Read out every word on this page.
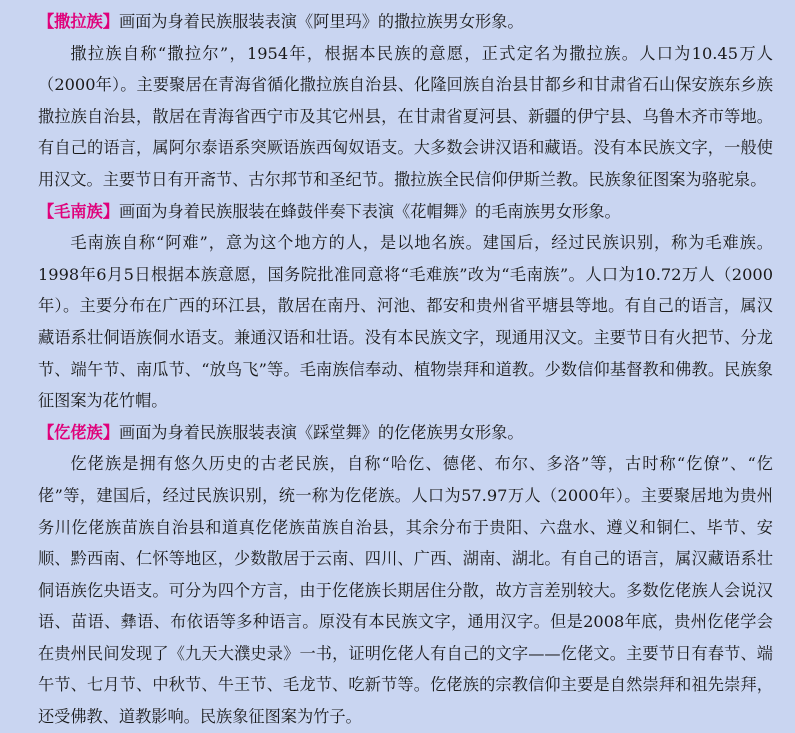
【撒拉族】画面为身着民族服装表演《阿里玛》的撒拉族男女形象。

撒拉族自称“撒拉尔”，1954年，根据本民族的意愿，正式定名为撒拉族。人口为10.45万人（2000年）。主要聚居在青海省循化撒拉族自治县、化隆回族自治县甘都乡和甘肃省石山保安族东乡族撒拉族自治县，散居在青海省西宁市及其它州县，在甘肃省夏河县、新疆的伊宁县、乌鲁木齐市等地。有自己的语言，属阿尔泰语系突厥语族西匈奴语支。大多数会讲汉语和藏语。没有本民族文字，一般使用汉文。主要节日有开斋节、古尔邦节和圣纪节。撒拉族全民信仰伊斯兰教。民族象征图案为骆驼泉。

【毛南族】画面为身着民族服装在蜂鼓伴奏下表演《花帽舞》的毛南族男女形象。

毛南族自称“阿难”，意为这个地方的人，是以地名族。建国后，经过民族识别，称为毛难族。1998年6月5日根据本族意愿，国务院批准同意将“毛难族”改为“毛南族”。人口为10.72万人（2000年）。主要分布在广西的环江县，散居在南丹、河池、都安和贵州省平塘县等地。有自己的语言，属汉藏语系壮侗语族侗水语支。兼通汉语和壮语。没有本民族文字，现通用汉文。主要节日有火把节、分龙节、端午节、南瓜节、“放鸟飞”等。毛南族信奉动、植物崇拜和道教。少数信仰基督教和佛教。民族象征图案为花竹帽。

【仡佬族】画面为身着民族服装表演《踩堂舞》的仡佬族男女形象。

仡佬族是拥有悠久历史的古老民族，自称“哈仡、德佬、布尔、多洛”等，古时称“仡僚”、“仡佬”等，建国后，经过民族识别，统一称为仡佬族。人口为57.97万人（2000年）。主要聚居地为贵州务川仡佬族苗族自治县和道真仡佬族苗族自治县，其余分布于贵阳、六盘水、遵义和铜仁、毕节、安顺、黔西南、仁怀等地区，少数散居于云南、四川、广西、湖南、湖北。有自己的语言，属汉藏语系壮侗语族仡央语支。可分为四个方言，由于仡佬族长期居住分散，故方言差别较大。多数仡佬族人会说汉语、苗语、彝语、布依语等多种语言。原没有本民族文字，通用汉字。但是2008年底，贵州仡佬学会在贵州民间发现了《九天大濮史录》一书，证明仡佬人有自己的文字——仡佬文。主要节日有春节、端午节、七月节、中秋节、牛王节、毛龙节、吃新节等。仡佬族的宗教信仰主要是自然崇拜和祖先崇拜，还受佛教、道教影响。民族象征图案为竹子。
